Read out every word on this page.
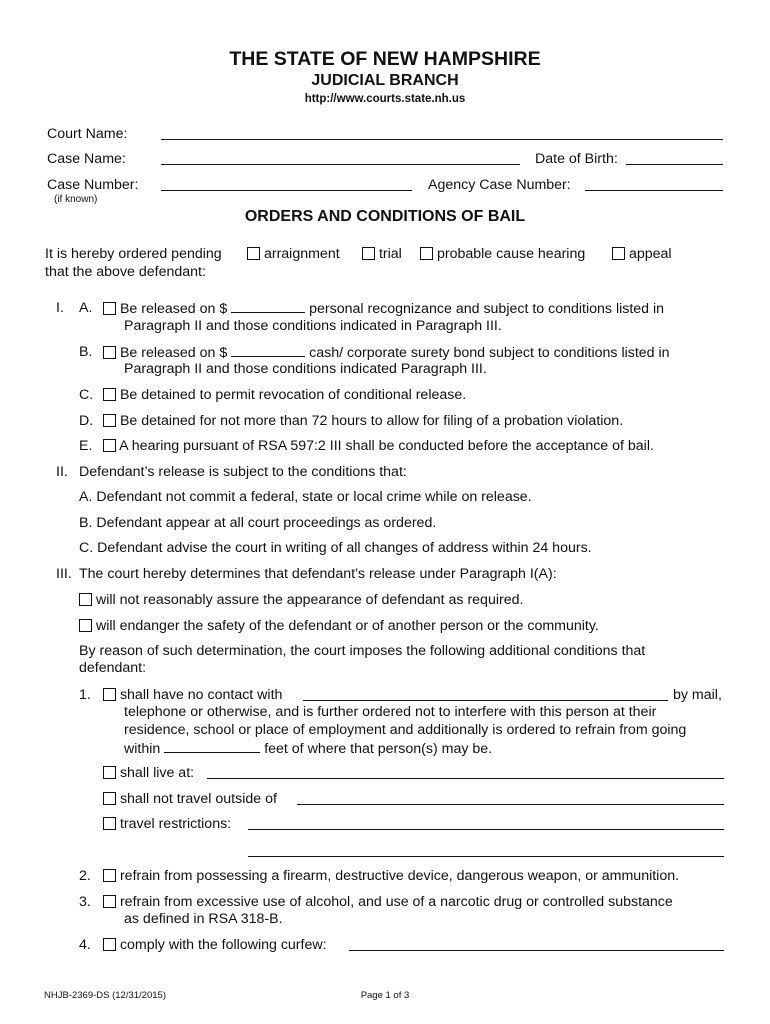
THE STATE OF NEW HAMPSHIRE
JUDICIAL BRANCH
http://www.courts.state.nh.us
Court Name:
Case Name:	Date of Birth:
Case Number:
(if known)
Agency Case Number:
ORDERS AND CONDITIONS OF BAIL
It is hereby ordered pending	arraignment	trial	probable cause hearing	appeal
that the above defendant:
I. A.	Be released on $	personal recognizance and subject to conditions listed in
Paragraph II and those conditions indicated in Paragraph III.
B.	Be released on $	cash/ corporate surety bond subject to conditions listed in
Paragraph II and those conditions indicated Paragraph III.
C.	Be detained to permit revocation of conditional release.
D.	Be detained for not more than 72 hours to allow for filing of a probation violation.
E.	A hearing pursuant of RSA 597:2 III shall be conducted before the acceptance of bail.
II. Defendant’s release is subject to the conditions that:
A. Defendant not commit a federal, state or local crime while on release.
B. Defendant appear at all court proceedings as ordered.
C. Defendant advise the court in writing of all changes of address within 24 hours.
III. The court hereby determines that defendant’s release under Paragraph I(A):
will not reasonably assure the appearance of defendant as required.
will endanger the safety of the defendant or of another person or the community.
By reason of such determination, the court imposes the following additional conditions that
defendant:
1.	shall have no contact with	by mail,
telephone or otherwise, and is further ordered not to interfere with this person at their
residence, school or place of employment and additionally is ordered to refrain from going
within	feet of where that person(s) may be.
shall live at:
shall not travel outside of
travel restrictions:
2.	refrain from possessing a firearm, destructive device, dangerous weapon, or ammunition.
3.	refrain from excessive use of alcohol, and use of a narcotic drug or controlled substance
as defined in RSA 318-B.
4.	comply with the following curfew:
NHJB-2369-DS (12/31/2015)	Page 1 of 3
